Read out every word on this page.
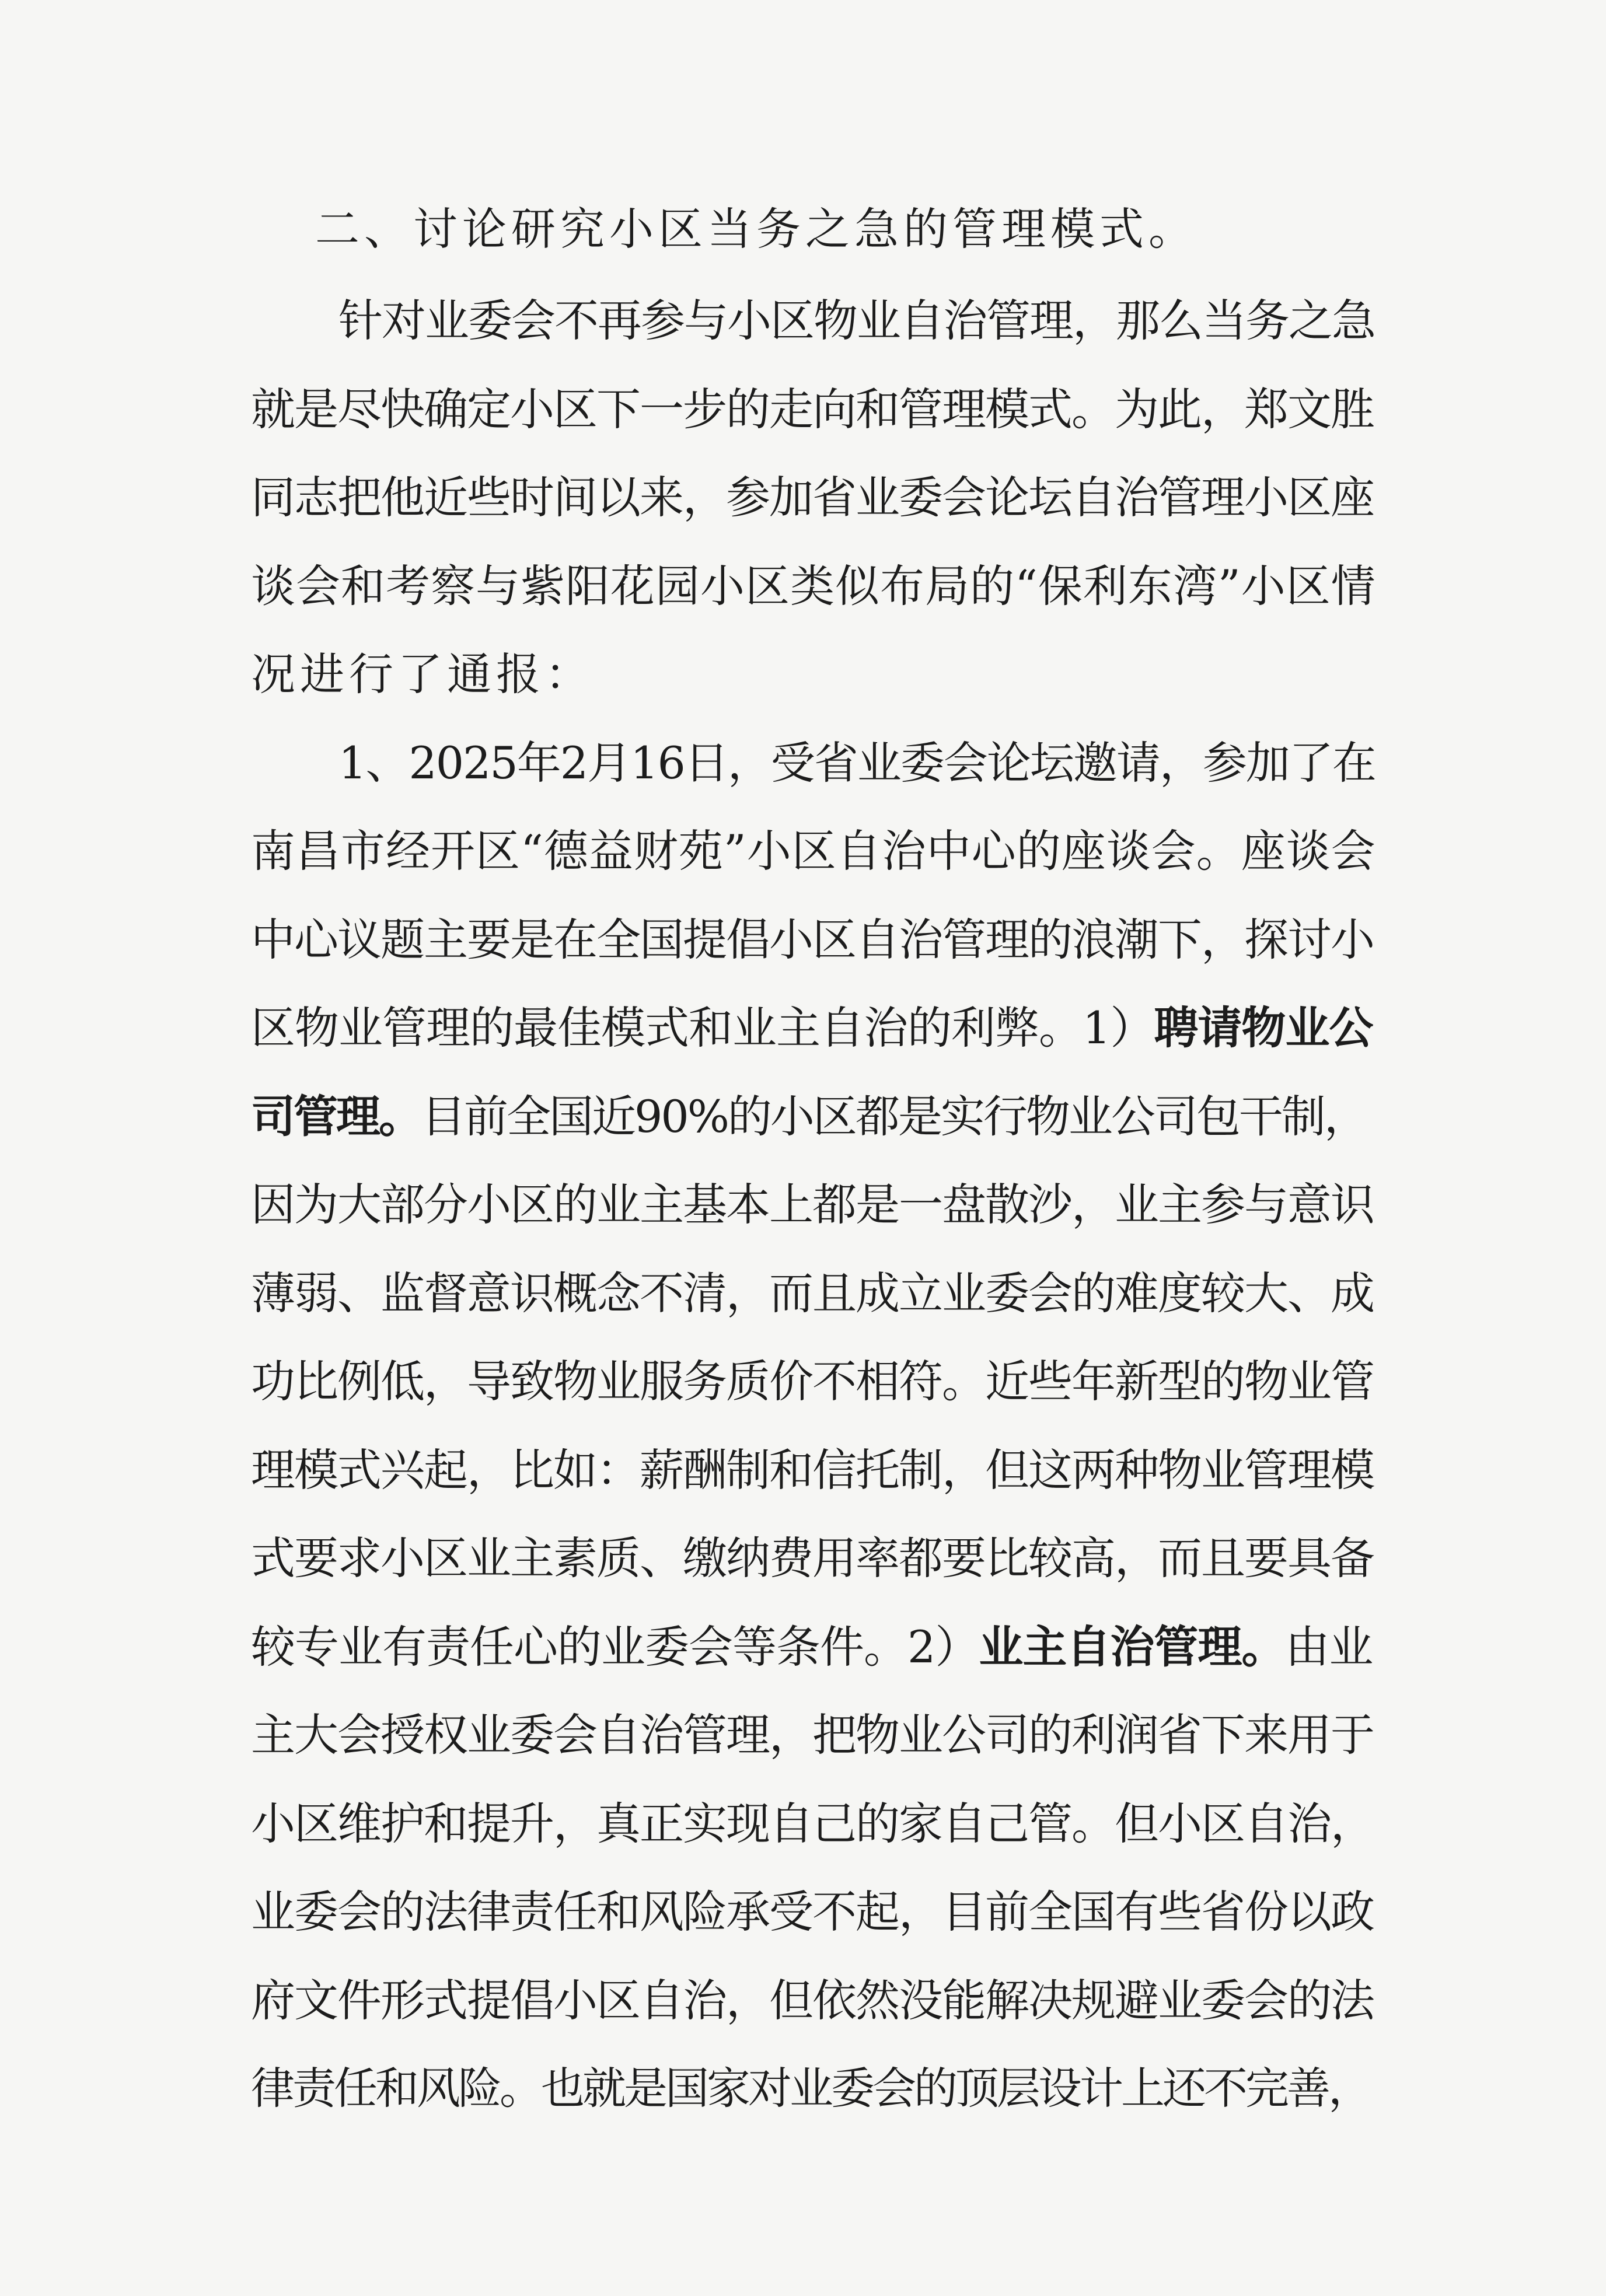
二、讨论研究小区当务之急的管理模式。
针对业委会不再参与小区物业自治管理，那么当务之急
就是尽快确定小区下一步的走向和管理模式。为此，郑文胜
同志把他近些时间以来，参加省业委会论坛自治管理小区座
谈会和考察与紫阳花园小区类似布局的“保利东湾”小区情
况进行了通报：
1、2025年2月16日，受省业委会论坛邀请，参加了在
南昌市经开区“德益财苑”小区自治中心的座谈会。座谈会
中心议题主要是在全国提倡小区自治管理的浪潮下，探讨小
区物业管理的最佳模式和业主自治的利弊。1）聘请物业公
司管理。目前全国近90%的小区都是实行物业公司包干制，
因为大部分小区的业主基本上都是一盘散沙，业主参与意识
薄弱、监督意识概念不清，而且成立业委会的难度较大、成
功比例低，导致物业服务质价不相符。近些年新型的物业管
理模式兴起，比如：薪酬制和信托制，但这两种物业管理模
式要求小区业主素质、缴纳费用率都要比较高，而且要具备
较专业有责任心的业委会等条件。2）业主自治管理。由业
主大会授权业委会自治管理，把物业公司的利润省下来用于
小区维护和提升，真正实现自己的家自己管。但小区自治，
业委会的法律责任和风险承受不起，目前全国有些省份以政
府文件形式提倡小区自治，但依然没能解决规避业委会的法
律责任和风险。也就是国家对业委会的顶层设计上还不完善，
